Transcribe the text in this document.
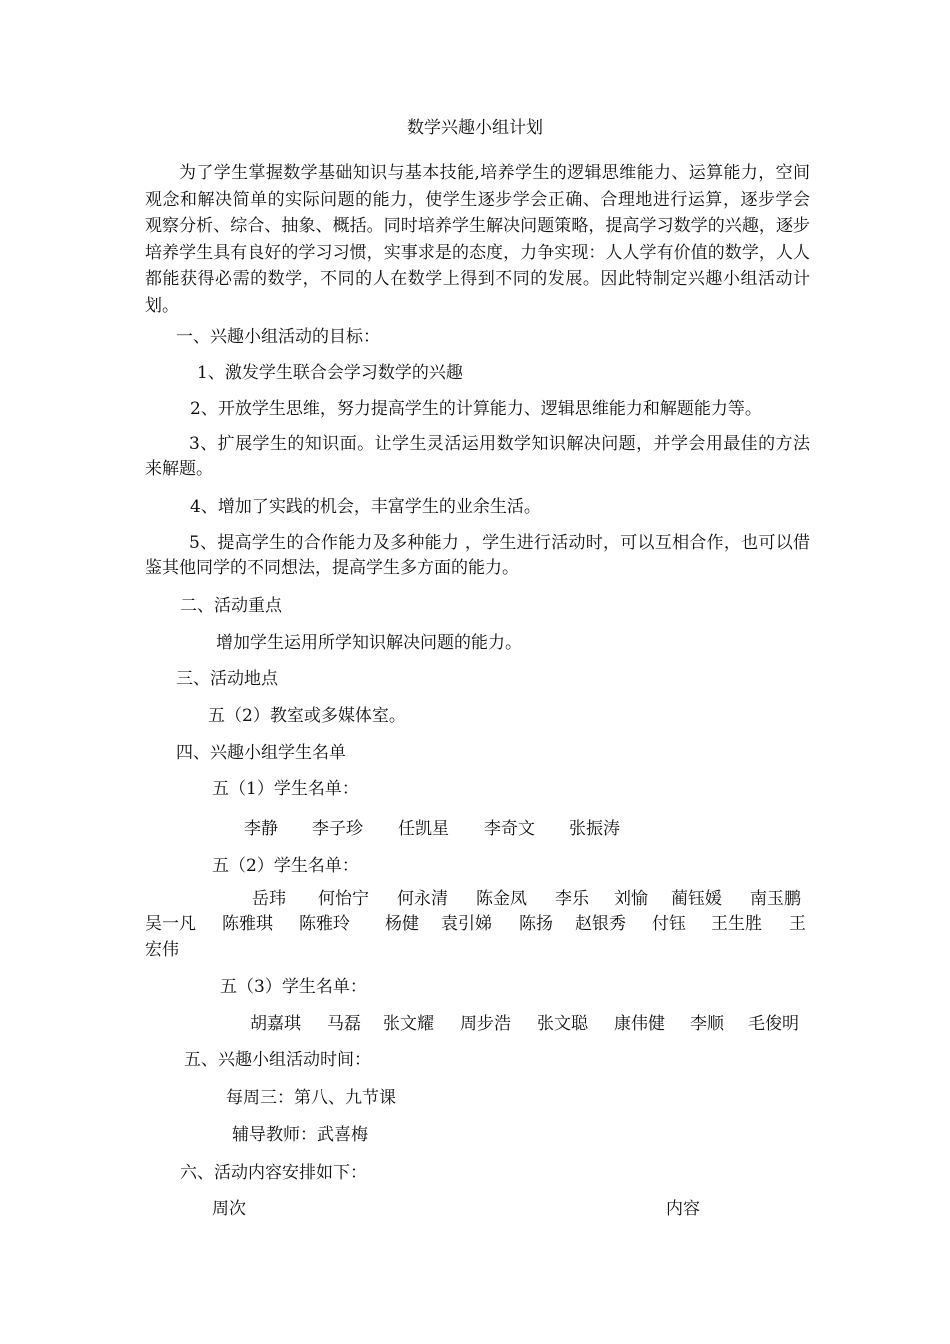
数学兴趣小组计划
为了学生掌握数学基础知识与基本技能,培养学生的逻辑思维能力、运算能力，空间观念和解决简单的实际问题的能力，使学生逐步学会正确、合理地进行运算，逐步学会 观察分析、综合、抽象、概括。同时培养学生解决问题策略，提高学习数学的兴趣，逐步培养学生具有良好的学习习惯，实事求是的态度，力争实现：人人学有价值的数学，人人都能获得必需的数学，不同的人在数学上得到不同的发展。因此特制定兴趣小组活动计划。
一、兴趣小组活动的目标：
1、激发学生联合会学习数学的兴趣
2、开放学生思维，努力提高学生的计算能力、逻辑思维能力和解题能力等。
3、扩展学生的知识面。让学生灵活运用数学知识解决问题，并学会用最佳的方法来解题。
4、增加了实践的机会，丰富学生的业余生活。
5、提高学生的合作能力及多种能力 ，学生进行活动时，可以互相合作，也可以借鉴其他同学的不同想法，提高学生多方面的能力。
二、活动重点
增加学生运用所学知识解决问题的能力。
三、活动地点
五（2）教室或多媒体室。
四、兴趣小组学生名单
五（1）学生名单：
李静 李子珍 任凯星 李奇文 张振涛
五（2）学生名单：
岳玮 何怡宁 何永清 陈金凤 李乐 刘愉 蔺钰媛 南玉鹏
吴一凡 陈雅琪 陈雅玲 杨健 袁引娣 陈扬 赵银秀 付钰 王生胜 王
宏伟
五（3）学生名单：
胡嘉琪 马磊 张文耀 周步浩 张文聪 康伟健 李顺 毛俊明
五、兴趣小组活动时间：
每周三：第八、九节课
辅导教师：武喜梅
六、活动内容安排如下：
周次	内容
